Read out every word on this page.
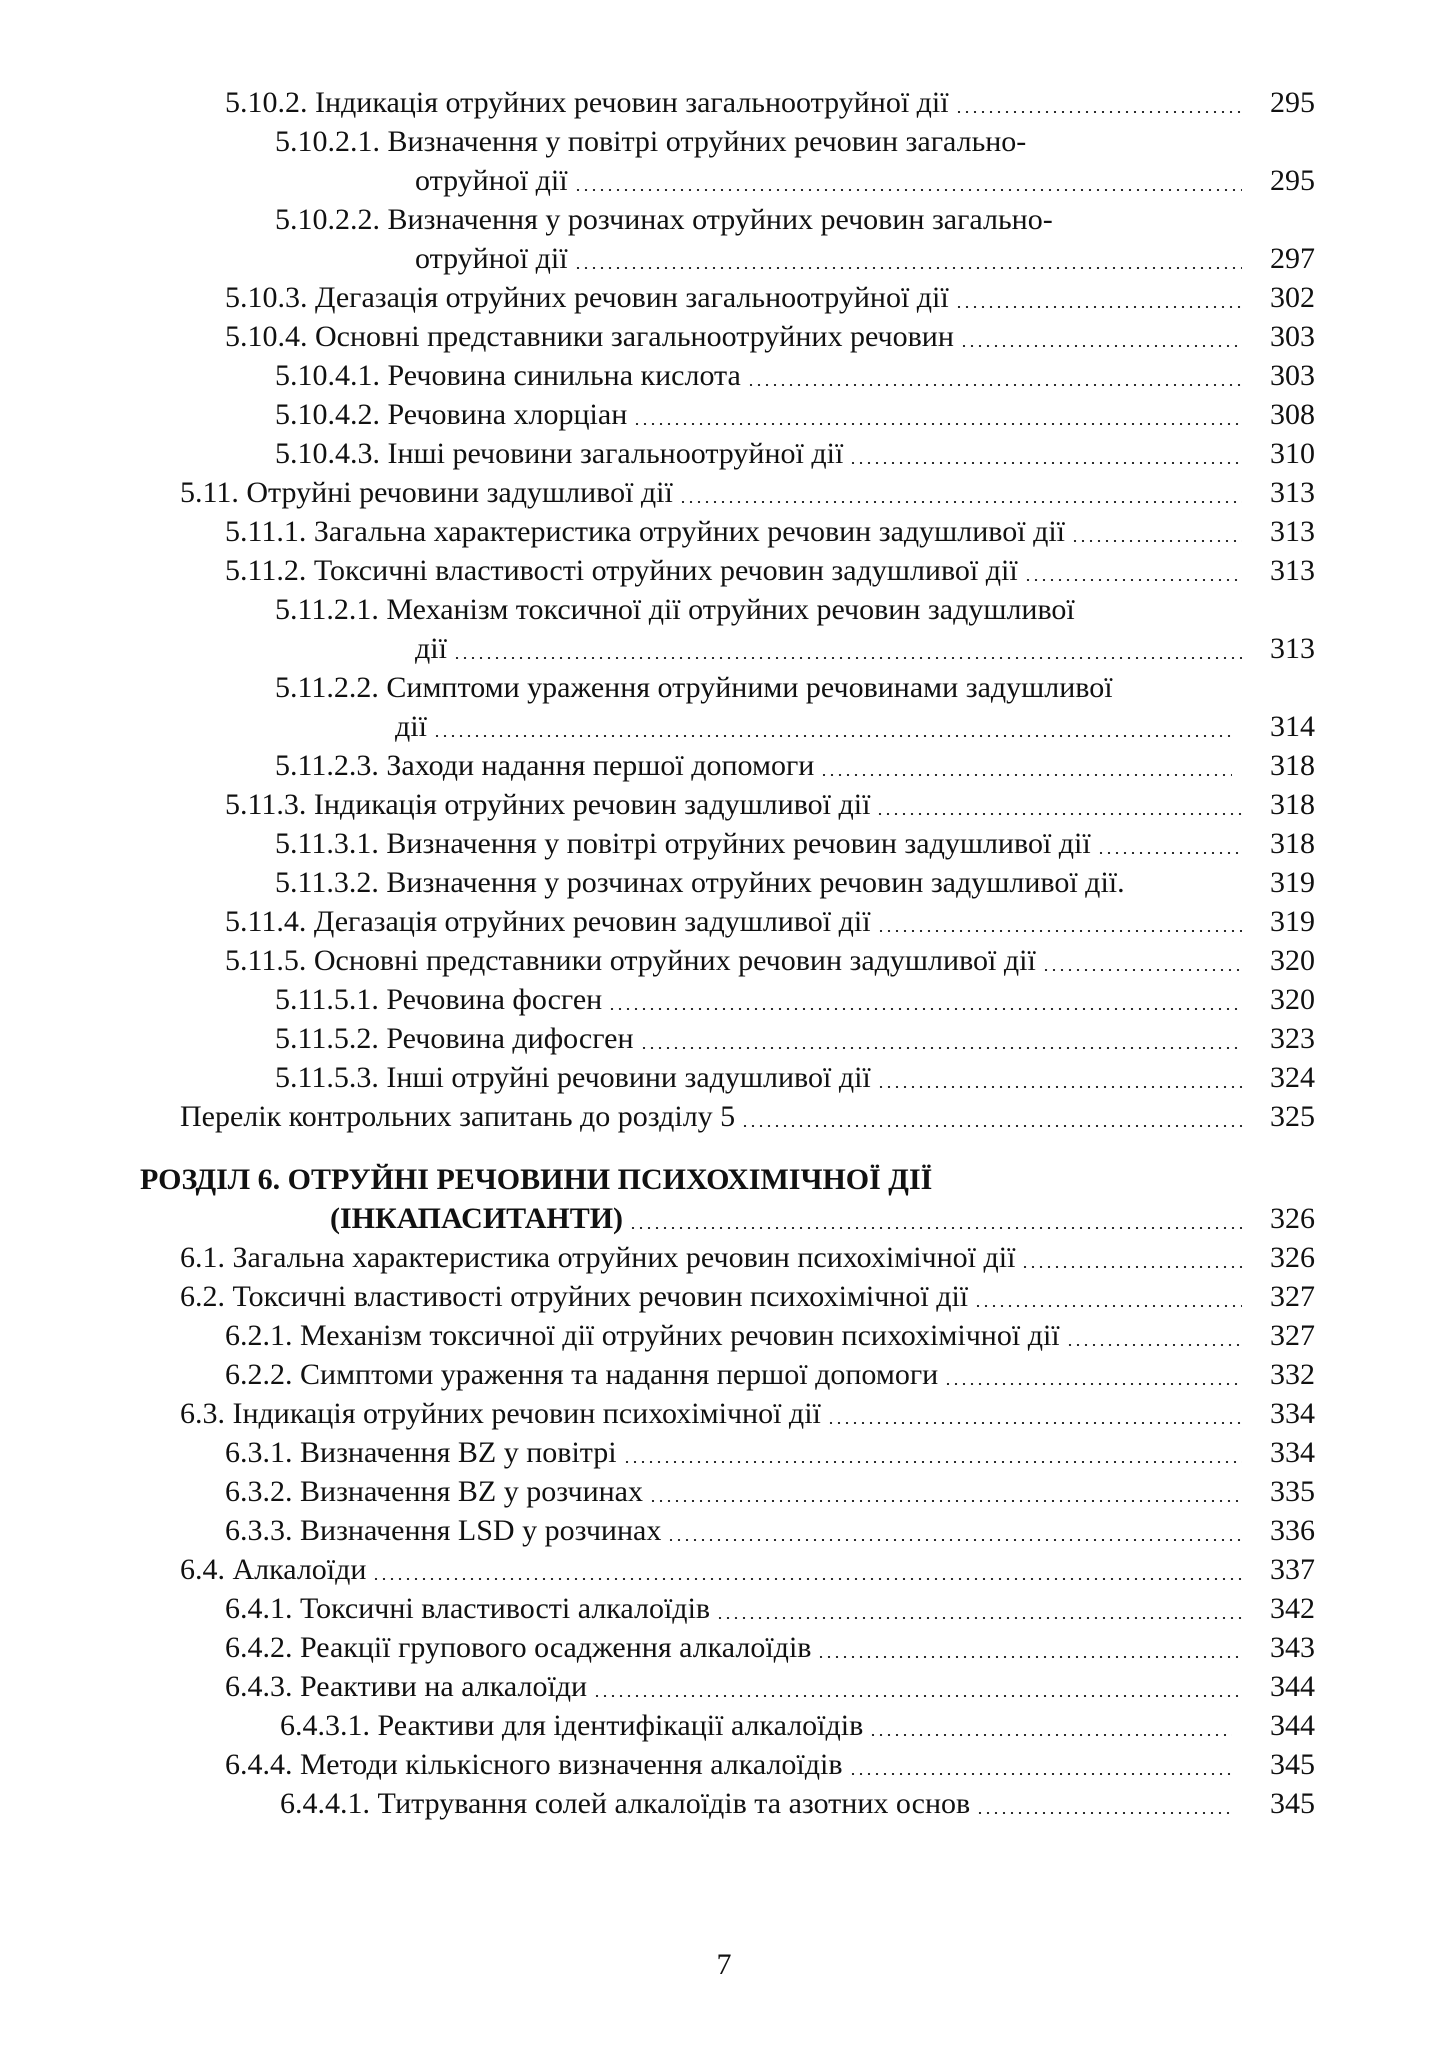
5.10.2. Індикація отруйних речовин загальноотруйної дії	295
5.10.2.1. Визначення у повітрі отруйних речовин загально-
отруйної дії	295
5.10.2.2. Визначення у розчинах отруйних речовин загально-
отруйної дії	297
5.10.3. Дегазація отруйних речовин загальноотруйної дії	302
5.10.4. Основні представники загальноотруйних речовин	303
5.10.4.1. Речовина синильна кислота	303
5.10.4.2. Речовина хлорціан	308
5.10.4.3. Інші речовини загальноотруйної дії	310
5.11. Отруйні речовини задушливої дії	313
5.11.1. Загальна характеристика отруйних речовин задушливої дії	313
5.11.2. Токсичні властивості отруйних речовин задушливої дії	313
5.11.2.1. Механізм токсичної дії отруйних речовин задушливої
дії	313
5.11.2.2. Симптоми ураження отруйними речовинами задушливої
дії	314
5.11.2.3. Заходи надання першої допомоги	318
5.11.3. Індикація отруйних речовин задушливої дії	318
5.11.3.1. Визначення у повітрі отруйних речовин задушливої дії	318
5.11.3.2. Визначення у розчинах отруйних речовин задушливої дії.	319
5.11.4. Дегазація отруйних речовин задушливої дії	319
5.11.5. Основні представники отруйних речовин задушливої дії	320
5.11.5.1. Речовина фосген	320
5.11.5.2. Речовина дифосген	323
5.11.5.3. Інші отруйні речовини задушливої дії	324
Перелік контрольних запитань до розділу 5	325
РОЗДІЛ 6. ОТРУЙНІ РЕЧОВИНИ ПСИХОХІМІЧНОЇ ДІЇ
(ІНКАПАСИТАНТИ)	326
6.1. Загальна характеристика отруйних речовин психохімічної дії	326
6.2. Токсичні властивості отруйних речовин психохімічної дії	327
6.2.1. Механізм токсичної дії отруйних речовин психохімічної дії	327
6.2.2. Симптоми ураження та надання першої допомоги	332
6.3. Індикація отруйних речовин психохімічної дії	334
6.3.1. Визначення BZ у повітрі	334
6.3.2. Визначення BZ у розчинах	335
6.3.3. Визначення LSD у розчинах	336
6.4. Алкалоїди	337
6.4.1. Токсичні властивості алкалоїдів	342
6.4.2. Реакції групового осадження алкалоїдів	343
6.4.3. Реактиви на алкалоїди	344
6.4.3.1. Реактиви для ідентифікації алкалоїдів	344
6.4.4. Методи кількісного визначення алкалоїдів	345
6.4.4.1. Титрування солей алкалоїдів та азотних основ	345
7
